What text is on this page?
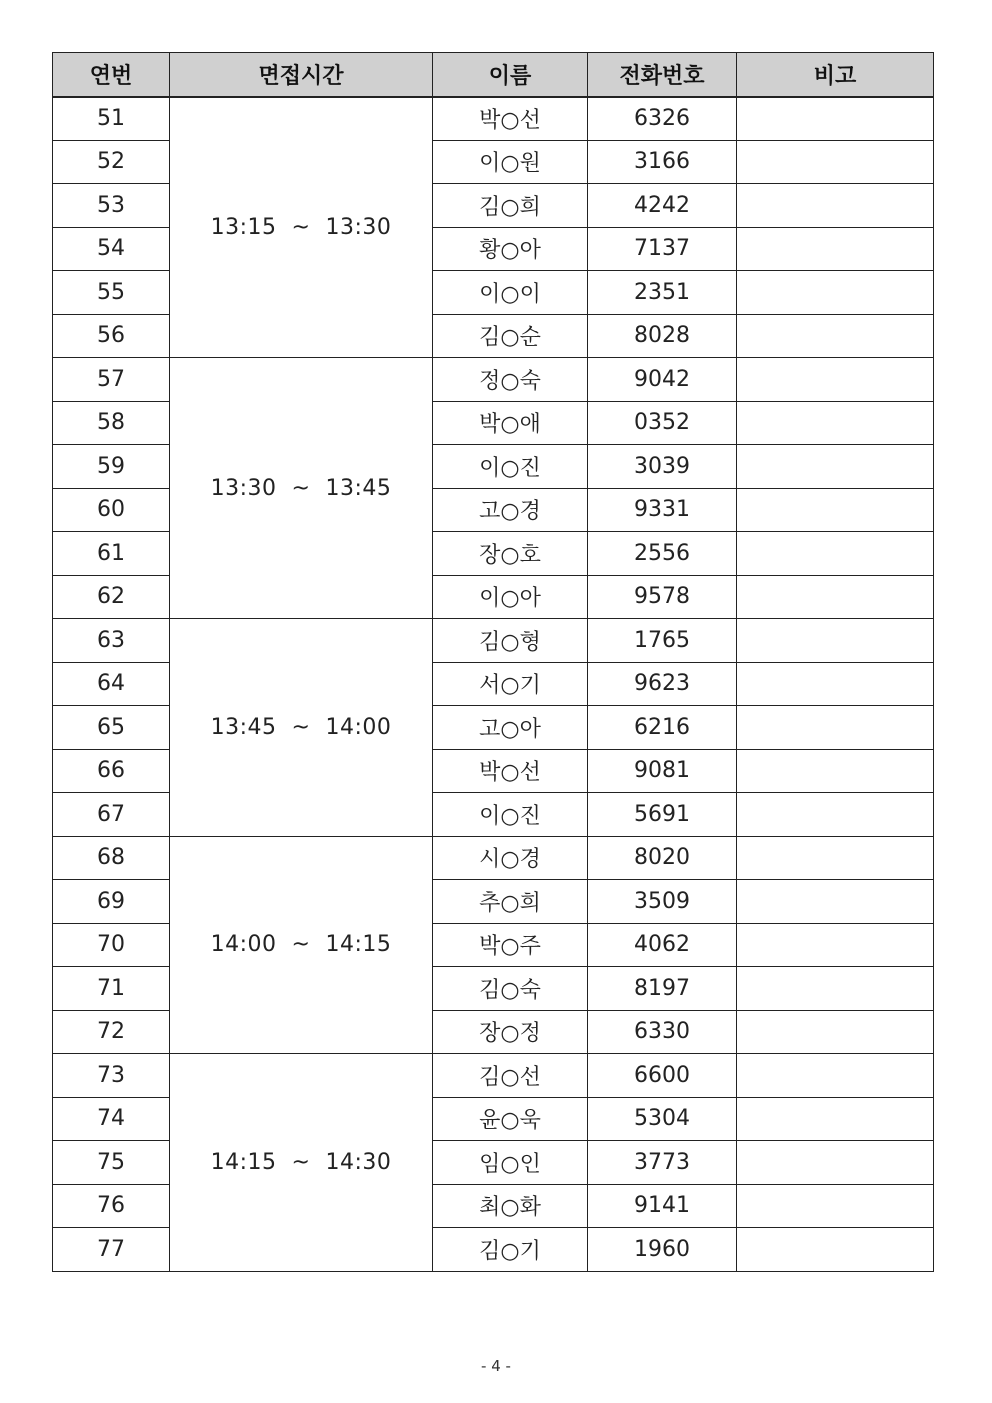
연번	면접시간	이름	전화번호	비고
51	13:15  ~  13:30	박○선	6326	
52		이○원	3166	
53		김○희	4242	
54		황○아	7137	
55		이○이	2351	
56		김○순	8028	
57	13:30  ~  13:45	정○숙	9042	
58		박○애	0352	
59		이○진	3039	
60		고○경	9331	
61		장○호	2556	
62		이○아	9578	
63	13:45  ~  14:00	김○형	1765	
64		서○기	9623	
65		고○아	6216	
66		박○선	9081	
67		이○진	5691	
68	14:00  ~  14:15	시○경	8020	
69		추○희	3509	
70		박○주	4062	
71		김○숙	8197	
72		장○정	6330	
73	14:15  ~  14:30	김○선	6600	
74		윤○욱	5304	
75		임○인	3773	
76		최○화	9141	
77		김○기	1960	
- 4 -
